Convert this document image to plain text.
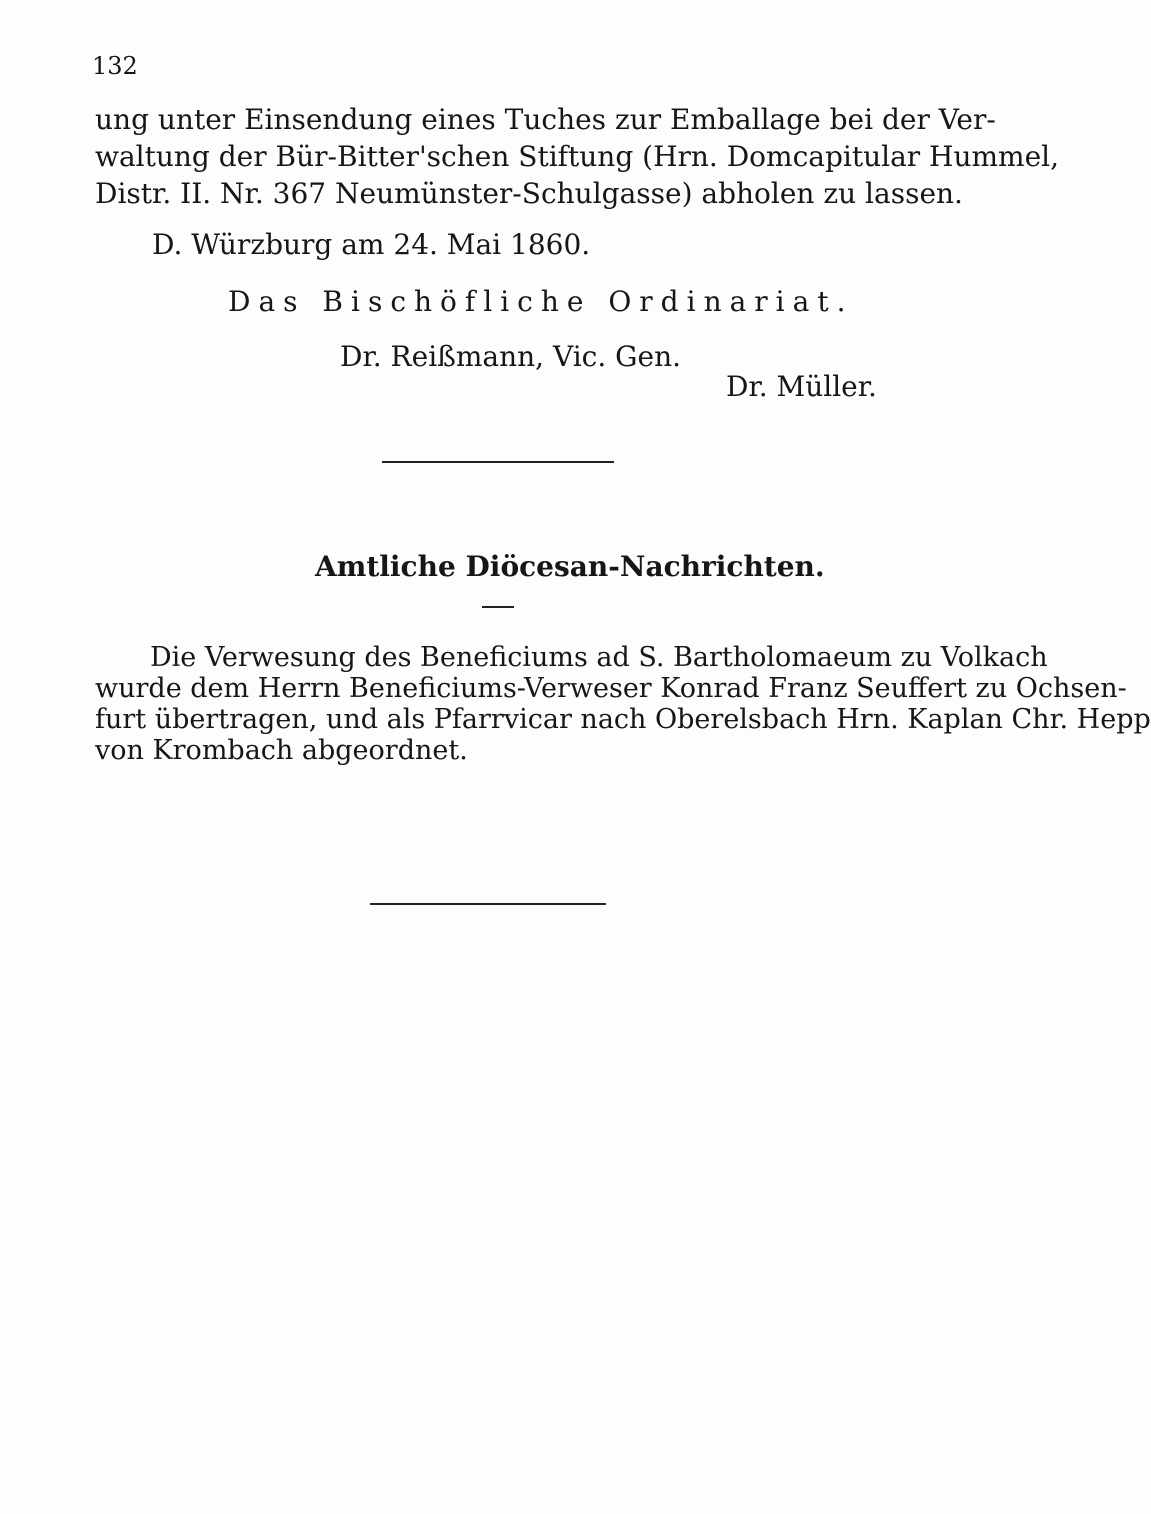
132
ung unter Einsendung eines Tuches zur Emballage bei der Ver-
waltung der Bür-Bitter'schen Stiftung (Hrn. Domcapitular Hummel,
Distr. II. Nr. 367 Neumünster-Schulgasse) abholen zu lassen.
D. Würzburg am 24. Mai 1860.
Das Bischöfliche Ordinariat.
Dr. Reißmann, Vic. Gen.
Dr. Müller.
Amtliche Diöcesan-Nachrichten.
Die Verwesung des Beneficiums ad S. Bartholomaeum zu Volkach
wurde dem Herrn Beneficiums-Verweser Konrad Franz Seuffert zu Ochsen-
furt übertragen, und als Pfarrvicar nach Oberelsbach Hrn. Kaplan Chr. Hepp
von Krombach abgeordnet.
